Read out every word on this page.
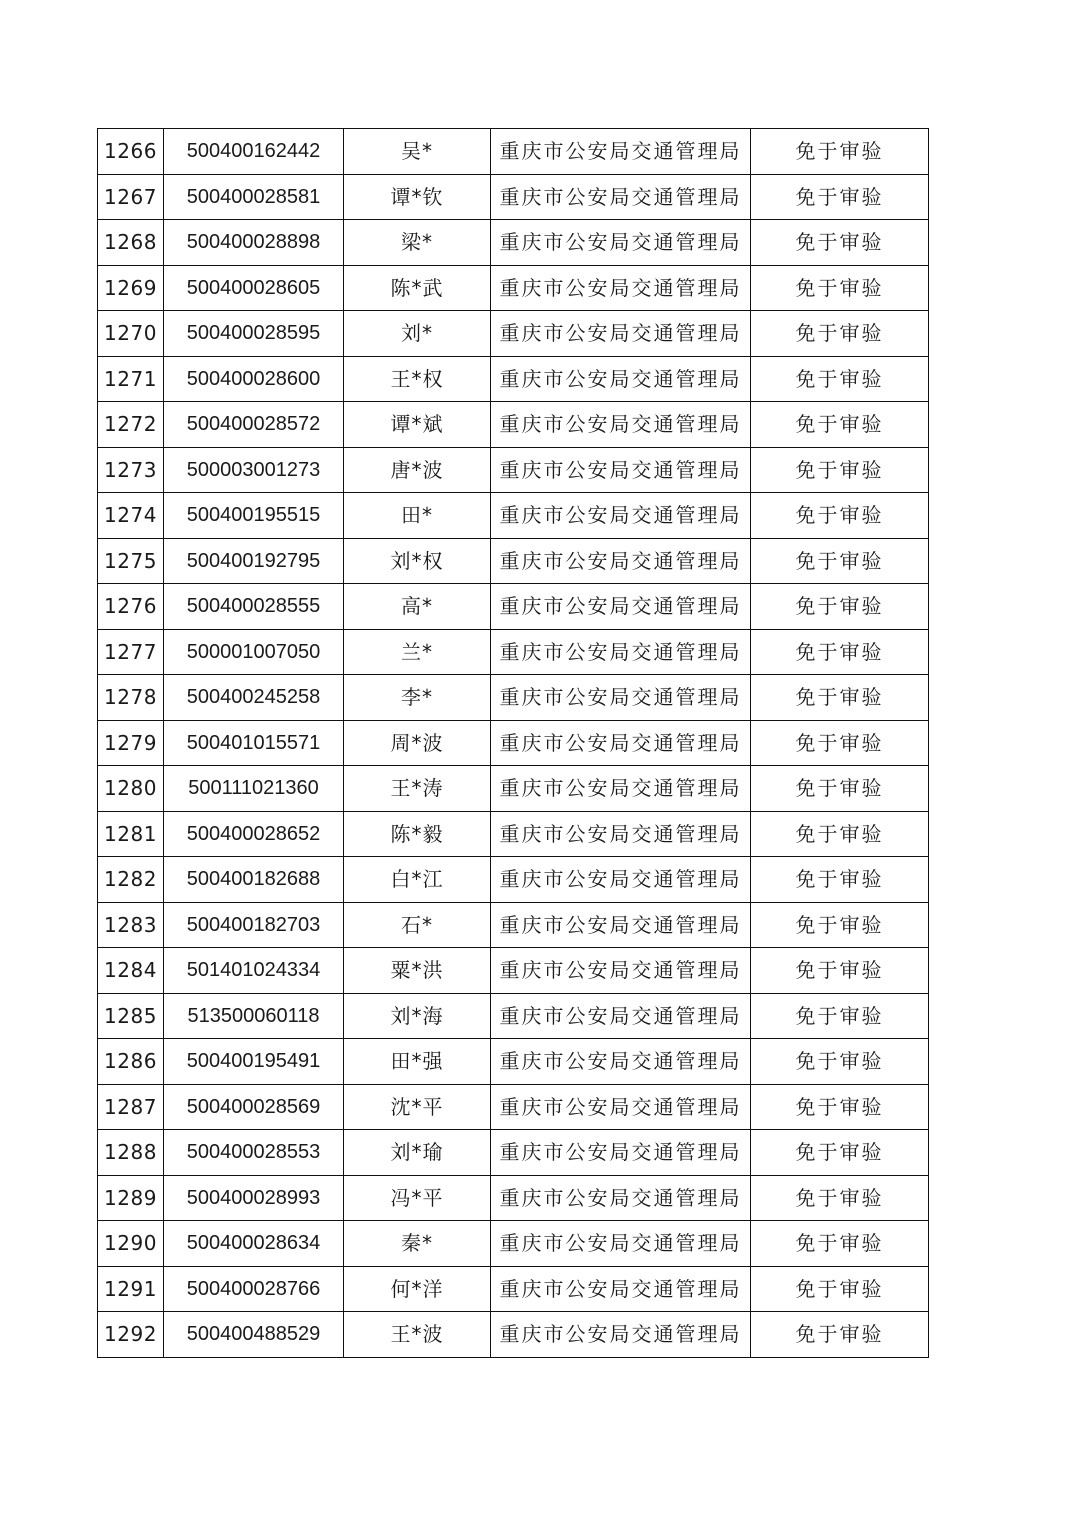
1266	500400162442	吴*	重庆市公安局交通管理局	免于审验
1267	500400028581	谭*钦	重庆市公安局交通管理局	免于审验
1268	500400028898	梁*	重庆市公安局交通管理局	免于审验
1269	500400028605	陈*武	重庆市公安局交通管理局	免于审验
1270	500400028595	刘*	重庆市公安局交通管理局	免于审验
1271	500400028600	王*权	重庆市公安局交通管理局	免于审验
1272	500400028572	谭*斌	重庆市公安局交通管理局	免于审验
1273	500003001273	唐*波	重庆市公安局交通管理局	免于审验
1274	500400195515	田*	重庆市公安局交通管理局	免于审验
1275	500400192795	刘*权	重庆市公安局交通管理局	免于审验
1276	500400028555	高*	重庆市公安局交通管理局	免于审验
1277	500001007050	兰*	重庆市公安局交通管理局	免于审验
1278	500400245258	李*	重庆市公安局交通管理局	免于审验
1279	500401015571	周*波	重庆市公安局交通管理局	免于审验
1280	500111021360	王*涛	重庆市公安局交通管理局	免于审验
1281	500400028652	陈*毅	重庆市公安局交通管理局	免于审验
1282	500400182688	白*江	重庆市公安局交通管理局	免于审验
1283	500400182703	石*	重庆市公安局交通管理局	免于审验
1284	501401024334	粟*洪	重庆市公安局交通管理局	免于审验
1285	513500060118	刘*海	重庆市公安局交通管理局	免于审验
1286	500400195491	田*强	重庆市公安局交通管理局	免于审验
1287	500400028569	沈*平	重庆市公安局交通管理局	免于审验
1288	500400028553	刘*瑜	重庆市公安局交通管理局	免于审验
1289	500400028993	冯*平	重庆市公安局交通管理局	免于审验
1290	500400028634	秦*	重庆市公安局交通管理局	免于审验
1291	500400028766	何*洋	重庆市公安局交通管理局	免于审验
1292	500400488529	王*波	重庆市公安局交通管理局	免于审验
